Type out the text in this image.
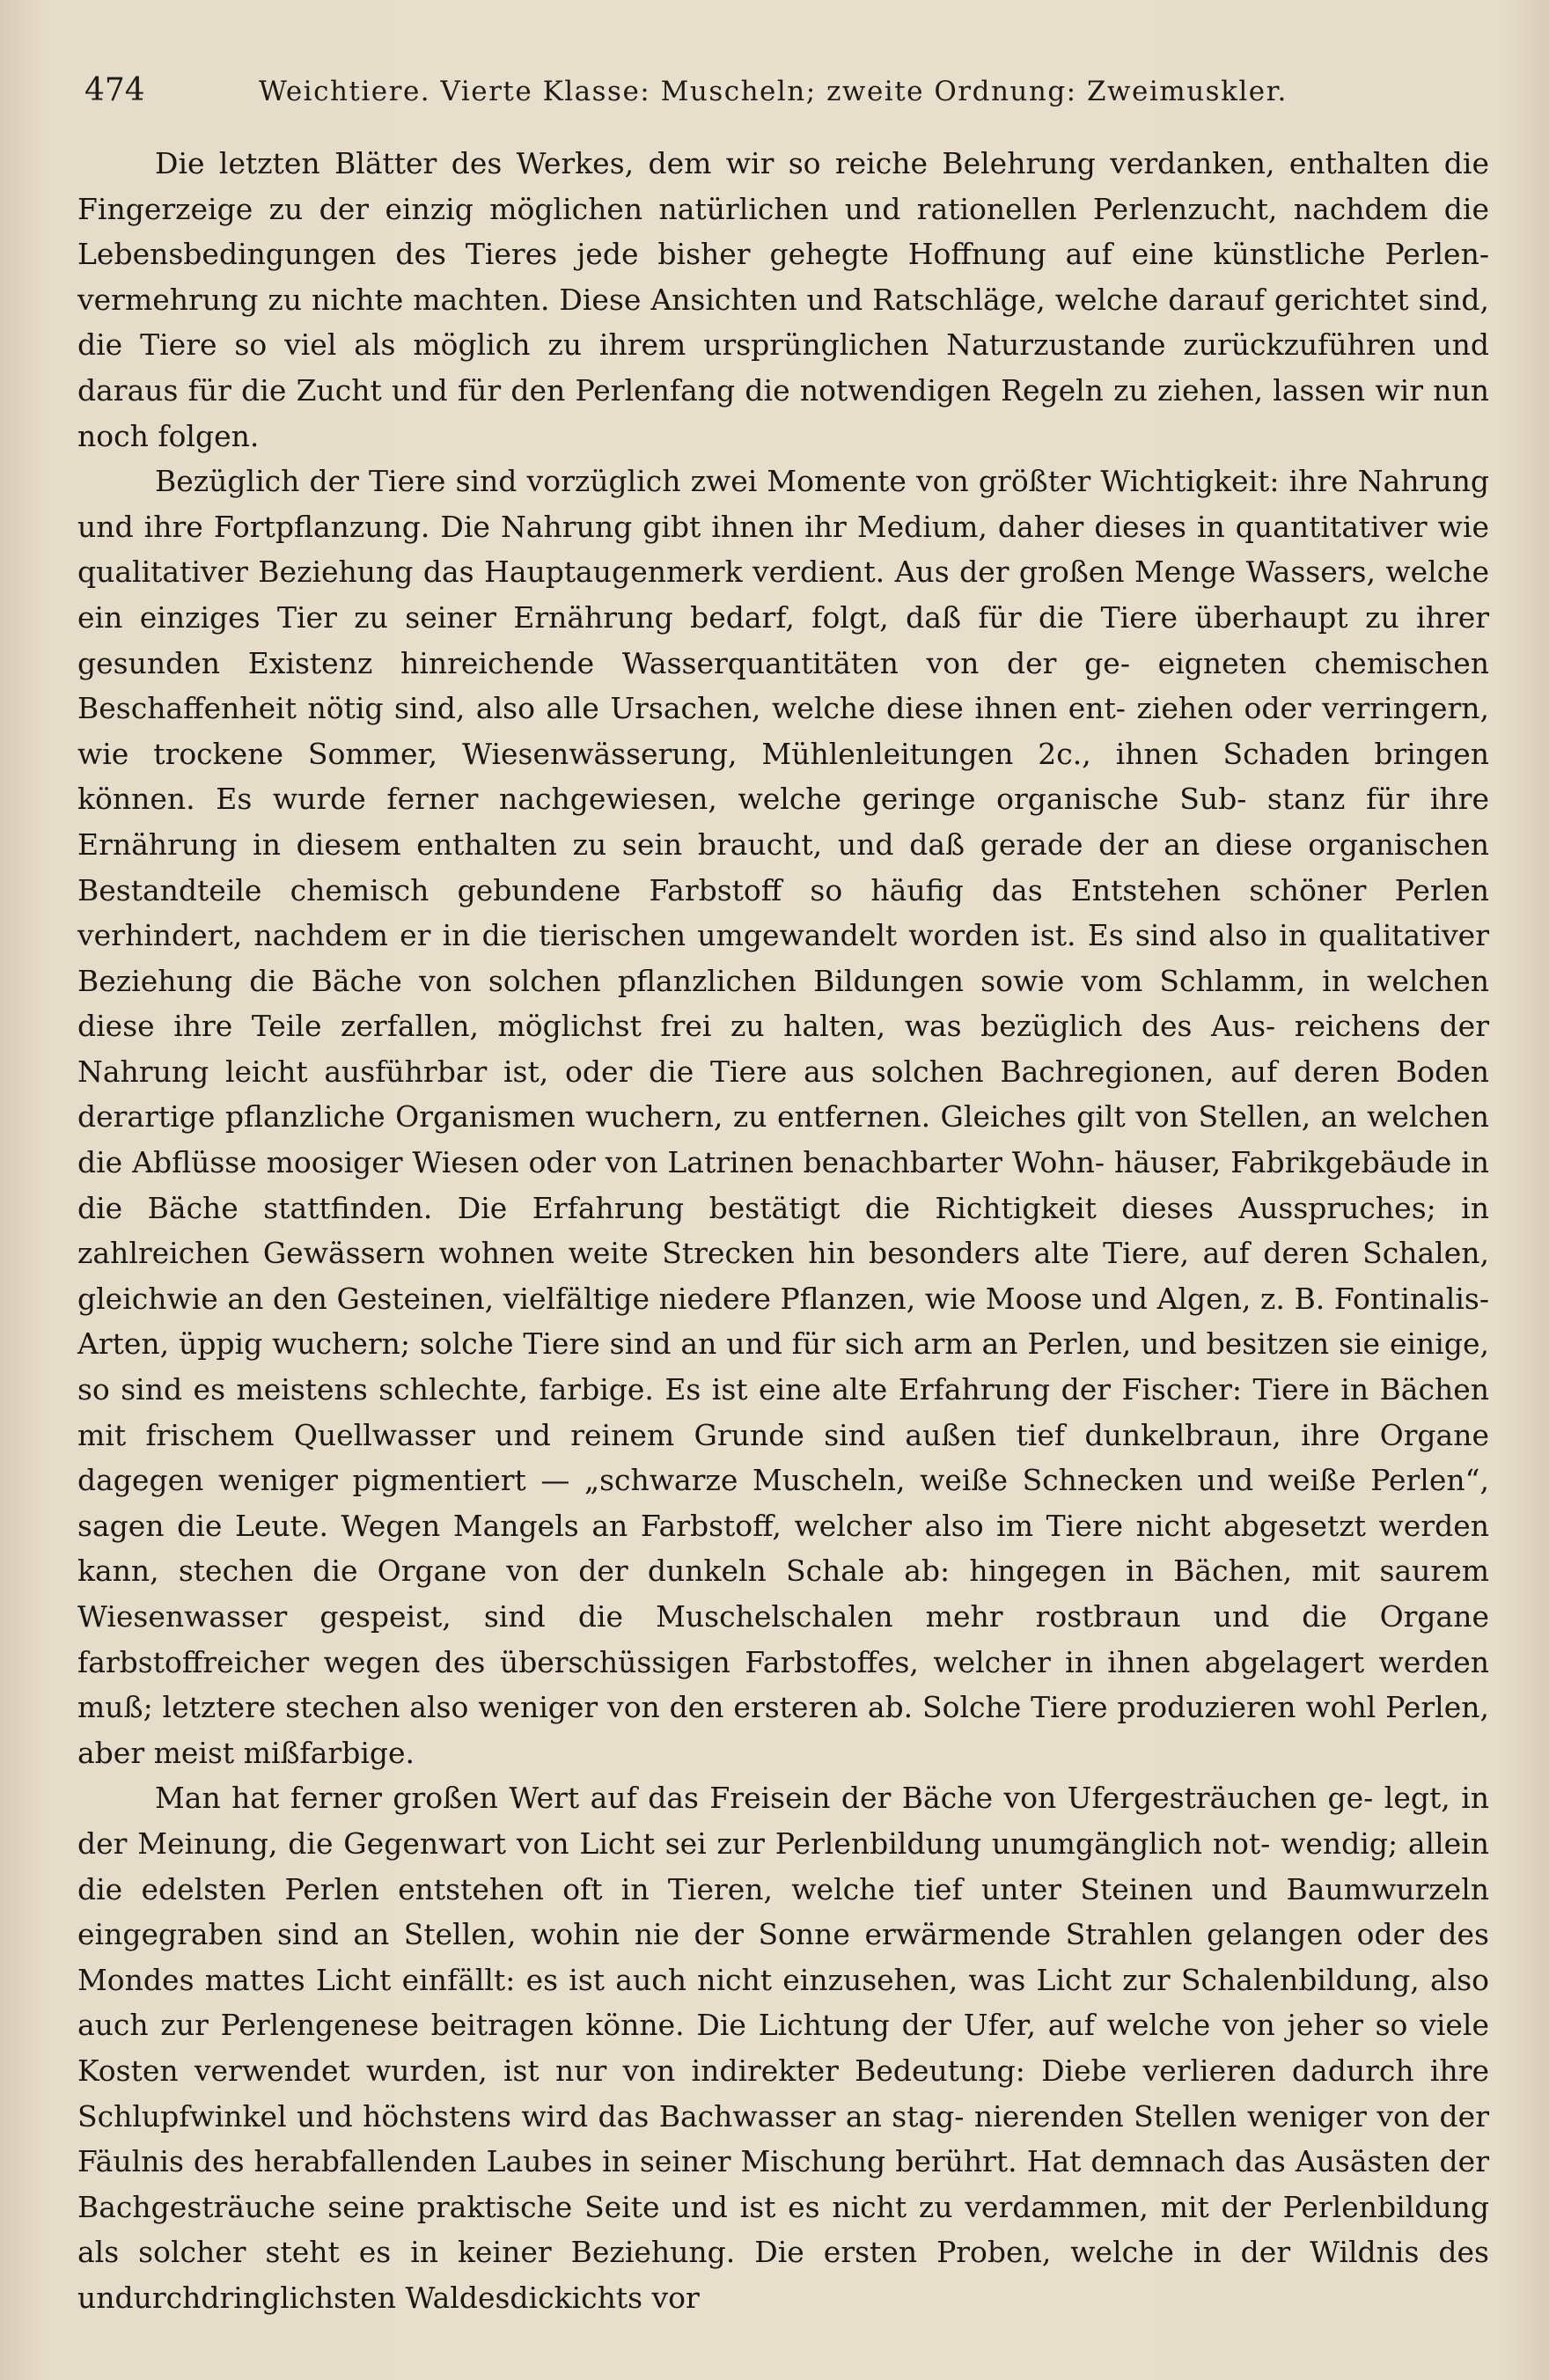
474	Weichtiere. Vierte Klasse: Muscheln; zweite Ordnung: Zweimuskler.

Die letzten Blätter des Werkes, dem wir so reiche Belehrung verdanken, enthalten die Fingerzeige zu der einzig möglichen natürlichen und rationellen Perlenzucht, nachdem die Lebensbedingungen des Tieres jede bisher gehegte Hoffnung auf eine künstliche Perlen- vermehrung zu nichte machten. Diese Ansichten und Ratschläge, welche darauf gerichtet sind, die Tiere so viel als möglich zu ihrem ursprünglichen Naturzustande zurückzuführen und daraus für die Zucht und für den Perlenfang die notwendigen Regeln zu ziehen, lassen wir nun noch folgen.

Bezüglich der Tiere sind vorzüglich zwei Momente von größter Wichtigkeit: ihre Nahrung und ihre Fortpflanzung. Die Nahrung gibt ihnen ihr Medium, daher dieses in quantitativer wie qualitativer Beziehung das Hauptaugenmerk verdient. Aus der großen Menge Wassers, welche ein einziges Tier zu seiner Ernährung bedarf, folgt, daß für die Tiere überhaupt zu ihrer gesunden Existenz hinreichende Wasserquantitäten von der ge- eigneten chemischen Beschaffenheit nötig sind, also alle Ursachen, welche diese ihnen ent- ziehen oder verringern, wie trockene Sommer, Wiesenwässerung, Mühlenleitungen 2c., ihnen Schaden bringen können. Es wurde ferner nachgewiesen, welche geringe organische Sub- stanz für ihre Ernährung in diesem enthalten zu sein braucht, und daß gerade der an diese organischen Bestandteile chemisch gebundene Farbstoff so häufig das Entstehen schöner Perlen verhindert, nachdem er in die tierischen umgewandelt worden ist. Es sind also in qualitativer Beziehung die Bäche von solchen pflanzlichen Bildungen sowie vom Schlamm, in welchen diese ihre Teile zerfallen, möglichst frei zu halten, was bezüglich des Aus- reichens der Nahrung leicht ausführbar ist, oder die Tiere aus solchen Bachregionen, auf deren Boden derartige pflanzliche Organismen wuchern, zu entfernen. Gleiches gilt von Stellen, an welchen die Abflüsse moosiger Wiesen oder von Latrinen benachbarter Wohn- häuser, Fabrikgebäude in die Bäche stattfinden. Die Erfahrung bestätigt die Richtigkeit dieses Ausspruches; in zahlreichen Gewässern wohnen weite Strecken hin besonders alte Tiere, auf deren Schalen, gleichwie an den Gesteinen, vielfältige niedere Pflanzen, wie Moose und Algen, z. B. Fontinalis-Arten, üppig wuchern; solche Tiere sind an und für sich arm an Perlen, und besitzen sie einige, so sind es meistens schlechte, farbige. Es ist eine alte Erfahrung der Fischer: Tiere in Bächen mit frischem Quellwasser und reinem Grunde sind außen tief dunkelbraun, ihre Organe dagegen weniger pigmentiert — „schwarze Muscheln, weiße Schnecken und weiße Perlen“, sagen die Leute. Wegen Mangels an Farbstoff, welcher also im Tiere nicht abgesetzt werden kann, stechen die Organe von der dunkeln Schale ab: hingegen in Bächen, mit saurem Wiesenwasser gespeist, sind die Muschelschalen mehr rostbraun und die Organe farbstoffreicher wegen des überschüssigen Farbstoffes, welcher in ihnen abgelagert werden muß; letztere stechen also weniger von den ersteren ab. Solche Tiere produzieren wohl Perlen, aber meist mißfarbige.

Man hat ferner großen Wert auf das Freisein der Bäche von Ufergesträuchen ge- legt, in der Meinung, die Gegenwart von Licht sei zur Perlenbildung unumgänglich not- wendig; allein die edelsten Perlen entstehen oft in Tieren, welche tief unter Steinen und Baumwurzeln eingegraben sind an Stellen, wohin nie der Sonne erwärmende Strahlen gelangen oder des Mondes mattes Licht einfällt: es ist auch nicht einzusehen, was Licht zur Schalenbildung, also auch zur Perlengenese beitragen könne. Die Lichtung der Ufer, auf welche von jeher so viele Kosten verwendet wurden, ist nur von indirekter Bedeutung: Diebe verlieren dadurch ihre Schlupfwinkel und höchstens wird das Bachwasser an stag- nierenden Stellen weniger von der Fäulnis des herabfallenden Laubes in seiner Mischung berührt. Hat demnach das Ausästen der Bachgesträuche seine praktische Seite und ist es nicht zu verdammen, mit der Perlenbildung als solcher steht es in keiner Beziehung. Die ersten Proben, welche in der Wildnis des undurchdringlichsten Waldesdickichts vor
